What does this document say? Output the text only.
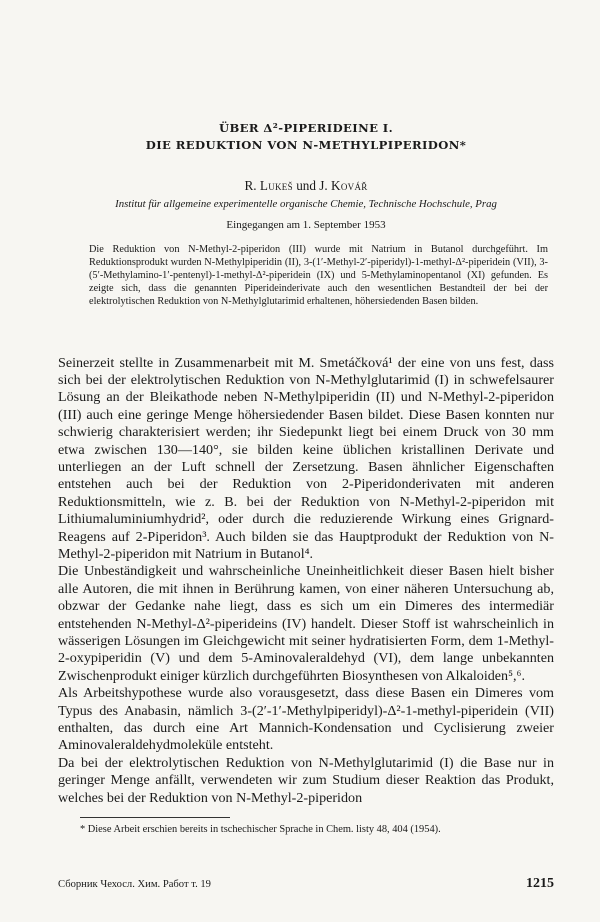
ÜBER Δ²-PIPERIDEINE I.
DIE REDUKTION VON N-METHYLPIPERIDON*
R. Lukeš und J. Kovář
Institut für allgemeine experimentelle organische Chemie, Technische Hochschule, Prag
Eingegangen am 1. September 1953
Die Reduktion von N-Methyl-2-piperidon (III) wurde mit Natrium in Butanol durchgeführt. Im Reduktionsprodukt wurden N-Methylpiperidin (II), 3-(1′-Methyl-2′-piperidyl)-1-methyl-Δ²-piperidein (VII), 3-(5′-Methylamino-1′-pentenyl)-1-methyl-Δ²-piperidein (IX) und 5-Methylaminopentanol (XI) gefunden. Es zeigte sich, dass die genannten Piperideinderivate auch den wesentlichen Bestandteil der bei der elektrolytischen Reduktion von N-Methylglutarimid erhaltenen, höhersiedenden Basen bilden.

Seinerzeit stellte in Zusammenarbeit mit M. Smetáčková¹ der eine von uns fest, dass sich bei der elektrolytischen Reduktion von N-Methylglutarimid (I) in schwefelsaurer Lösung an der Bleikathode neben N-Methylpiperidin (II) und N-Methyl-2-piperidon (III) auch eine geringe Menge höhersiedender Basen bildet. Diese Basen konnten nur schwierig charakterisiert werden; ihr Siedepunkt liegt bei einem Druck von 30 mm etwa zwischen 130—140°, sie bilden keine üblichen kristallinen Derivate und unterliegen an der Luft schnell der Zersetzung. Basen ähnlicher Eigenschaften entstehen auch bei der Reduktion von 2-Piperidonderivaten mit anderen Reduktionsmitteln, wie z. B. bei der Reduktion von N-Methyl-2-piperidon mit Lithiumaluminiumhydrid², oder durch die reduzierende Wirkung eines Grignard-Reagens auf 2-Piperidon³. Auch bilden sie das Hauptprodukt der Reduktion von N-Methyl-2-piperidon mit Natrium in Butanol⁴.

Die Unbeständigkeit und wahrscheinliche Uneinheitlichkeit dieser Basen hielt bisher alle Autoren, die mit ihnen in Berührung kamen, von einer näheren Untersuchung ab, obzwar der Gedanke nahe liegt, dass es sich um ein Dimeres des intermediär entstehenden N-Methyl-Δ²-piperideins (IV) handelt. Dieser Stoff ist wahrscheinlich in wässerigen Lösungen im Gleichgewicht mit seiner hydratisierten Form, dem 1-Methyl-2-oxypiperidin (V) und dem 5-Aminovaleraldehyd (VI), dem lange unbekannten Zwischenprodukt einiger kürzlich durchgeführten Biosynthesen von Alkaloiden⁵,⁶.

Als Arbeitshypothese wurde also vorausgesetzt, dass diese Basen ein Dimeres vom Typus des Anabasin, nämlich 3-(2′-1′-Methylpiperidyl)-Δ²-1-methyl-piperidein (VII) enthalten, das durch eine Art Mannich-Kondensation und Cyclisierung zweier Aminovaleraldehydmoleküle entsteht.

Da bei der elektrolytischen Reduktion von N-Methylglutarimid (I) die Base nur in geringer Menge anfällt, verwendeten wir zum Studium dieser Reaktion das Produkt, welches bei der Reduktion von N-Methyl-2-piperidon

* Diese Arbeit erschien bereits in tschechischer Sprache in Chem. listy 48, 404 (1954).
Сборник Чехосл. Хим. Работ т. 19	1215
